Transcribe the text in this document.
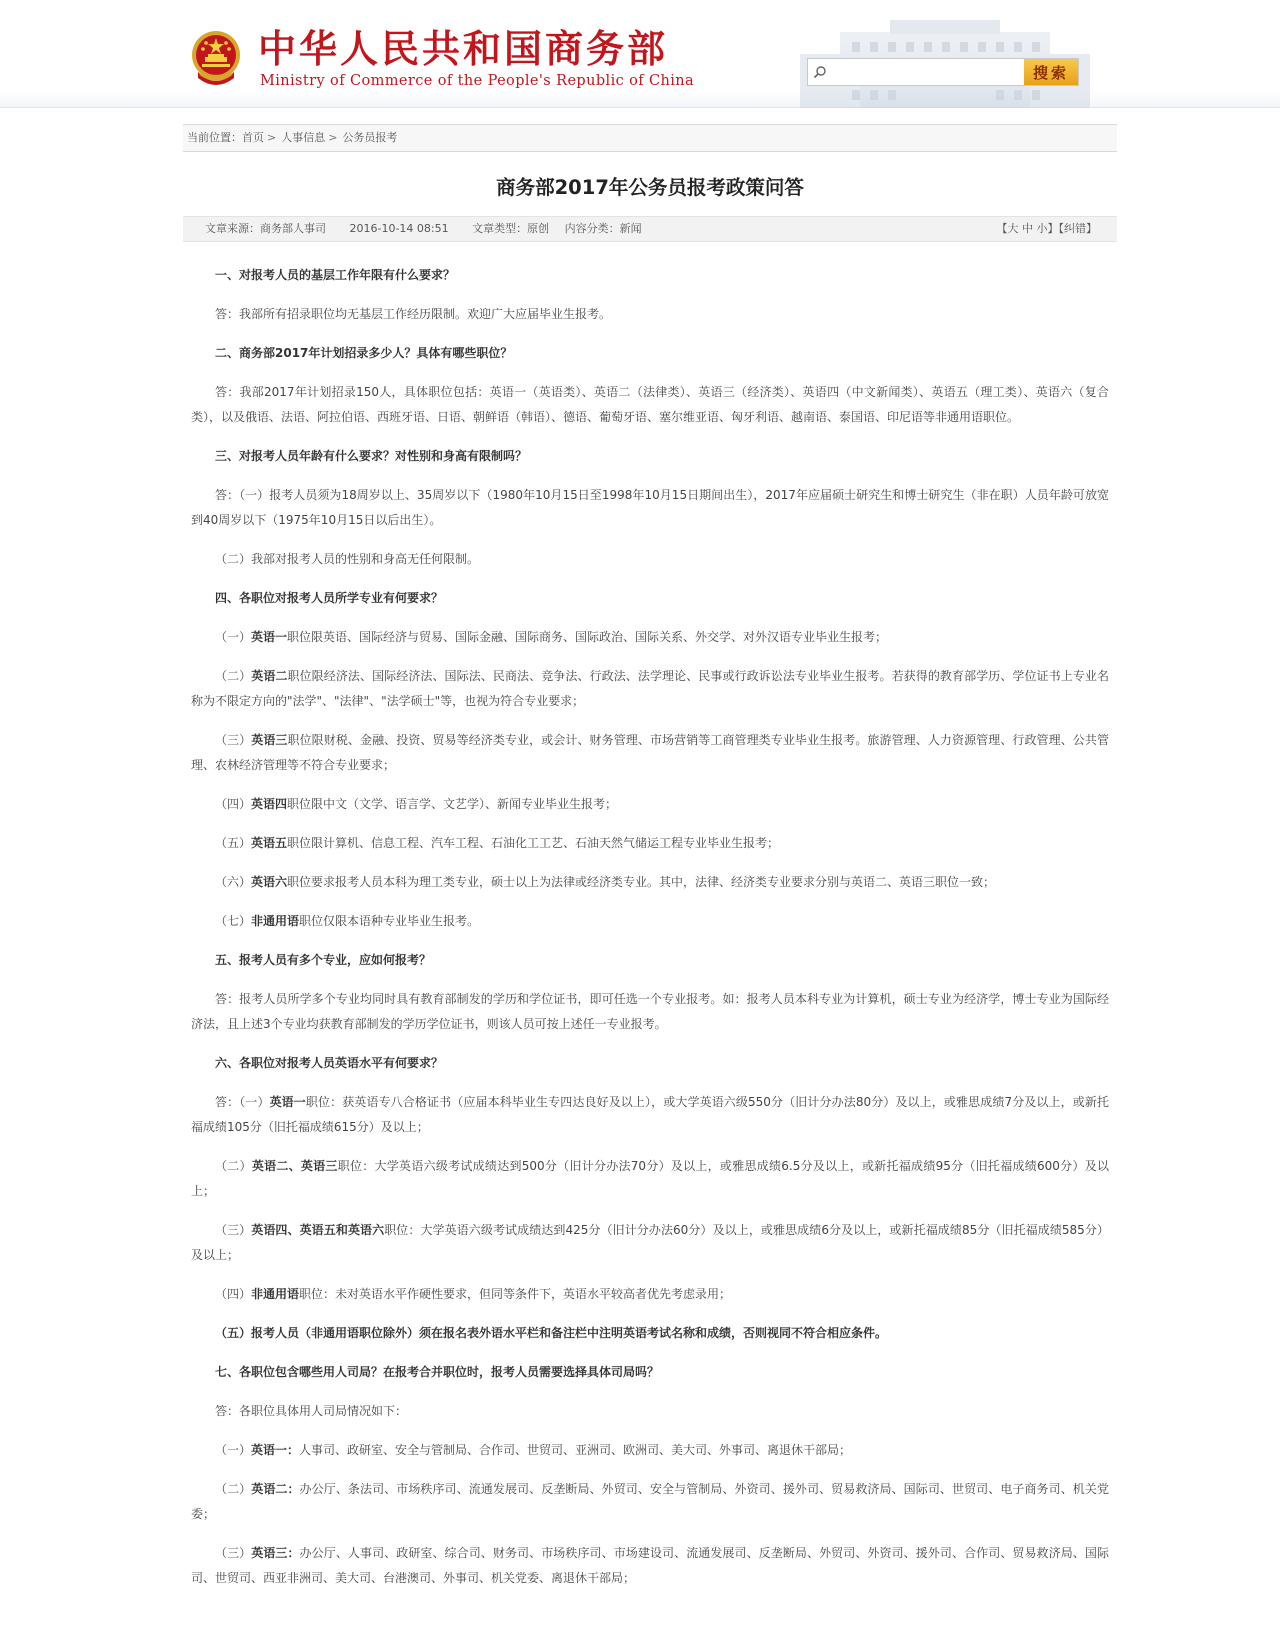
中华人民共和国商务部
Ministry of Commerce of the People's Republic of China	搜索
当前位置：首页 > 人事信息 > 公务员报考
商务部2017年公务员报考政策问答
文章来源：商务部人事司 2016-10-14 08:51 文章类型：原创 内容分类：新闻	【大 中 小】【纠错】

一、对报考人员的基层工作年限有什么要求？

答：我部所有招录职位均无基层工作经历限制。欢迎广大应届毕业生报考。

二、商务部2017年计划招录多少人？具体有哪些职位？

答：我部2017年计划招录150人，具体职位包括：英语一（英语类）、英语二（法律类）、英语三（经济类）、英语四（中文新闻类）、英语五（理工类）、英语六（复合类），以及俄语、法语、阿拉伯语、西班牙语、日语、朝鲜语（韩语）、德语、葡萄牙语、塞尔维亚语、匈牙利语、越南语、泰国语、印尼语等非通用语职位。

三、对报考人员年龄有什么要求？对性别和身高有限制吗？

答：（一）报考人员须为18周岁以上、35周岁以下（1980年10月15日至1998年10月15日期间出生），2017年应届硕士研究生和博士研究生（非在职）人员年龄可放宽到40周岁以下（1975年10月15日以后出生）。

（二）我部对报考人员的性别和身高无任何限制。

四、各职位对报考人员所学专业有何要求？

（一）英语一职位限英语、国际经济与贸易、国际金融、国际商务、国际政治、国际关系、外交学、对外汉语专业毕业生报考；

（二）英语二职位限经济法、国际经济法、国际法、民商法、竞争法、行政法、法学理论、民事或行政诉讼法专业毕业生报考。若获得的教育部学历、学位证书上专业名称为不限定方向的"法学"、"法律"、"法学硕士"等，也视为符合专业要求；

（三）英语三职位限财税、金融、投资、贸易等经济类专业，或会计、财务管理、市场营销等工商管理类专业毕业生报考。旅游管理、人力资源管理、行政管理、公共管理、农林经济管理等不符合专业要求；

（四）英语四职位限中文（文学、语言学、文艺学）、新闻专业毕业生报考；

（五）英语五职位限计算机、信息工程、汽车工程、石油化工工艺、石油天然气储运工程专业毕业生报考；

（六）英语六职位要求报考人员本科为理工类专业，硕士以上为法律或经济类专业。其中，法律、经济类专业要求分别与英语二、英语三职位一致；

（七）非通用语职位仅限本语种专业毕业生报考。

五、报考人员有多个专业，应如何报考？

答：报考人员所学多个专业均同时具有教育部制发的学历和学位证书，即可任选一个专业报考。如：报考人员本科专业为计算机，硕士专业为经济学，博士专业为国际经济法，且上述3个专业均获教育部制发的学历学位证书，则该人员可按上述任一专业报考。

六、各职位对报考人员英语水平有何要求？

答：（一）英语一职位：获英语专八合格证书（应届本科毕业生专四达良好及以上），或大学英语六级550分（旧计分办法80分）及以上，或雅思成绩7分及以上，或新托福成绩105分（旧托福成绩615分）及以上；

（二）英语二、英语三职位：大学英语六级考试成绩达到500分（旧计分办法70分）及以上，或雅思成绩6.5分及以上，或新托福成绩95分（旧托福成绩600分）及以上；

（三）英语四、英语五和英语六职位：大学英语六级考试成绩达到425分（旧计分办法60分）及以上，或雅思成绩6分及以上，或新托福成绩85分（旧托福成绩585分）及以上；

（四）非通用语职位：未对英语水平作硬性要求，但同等条件下，英语水平较高者优先考虑录用；

（五）报考人员（非通用语职位除外）须在报名表外语水平栏和备注栏中注明英语考试名称和成绩，否则视同不符合相应条件。

七、各职位包含哪些用人司局？在报考合并职位时，报考人员需要选择具体司局吗？

答：各职位具体用人司局情况如下：

（一）英语一：人事司、政研室、安全与管制局、合作司、世贸司、亚洲司、欧洲司、美大司、外事司、离退休干部局；

（二）英语二：办公厅、条法司、市场秩序司、流通发展司、反垄断局、外贸司、安全与管制局、外资司、援外司、贸易救济局、国际司、世贸司、电子商务司、机关党委；

（三）英语三：办公厅、人事司、政研室、综合司、财务司、市场秩序司、市场建设司、流通发展司、反垄断局、外贸司、外资司、援外司、合作司、贸易救济局、国际司、世贸司、西亚非洲司、美大司、台港澳司、外事司、机关党委、离退休干部局；
